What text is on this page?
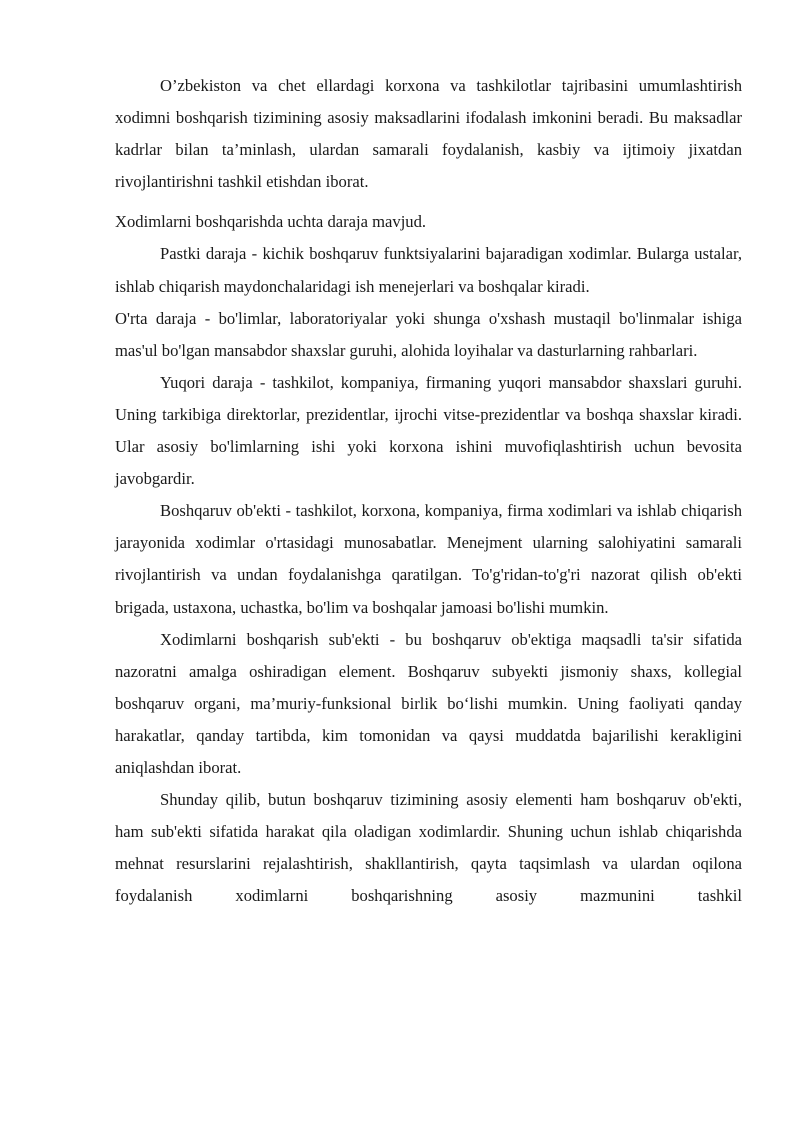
O’zbekiston va chet ellardagi korxona va tashkilotlar tajribasini umumlashtirish xodimni boshqarish tizimining asosiy maksadlarini ifodalash imkonini beradi. Bu maksadlar kadrlar bilan ta’minlash, ulardan samarali foydalanish, kasbiy va ijtimoiy jixatdan rivojlantirishni tashkil etishdan iborat.

Xodimlarni boshqarishda uchta daraja mavjud.

Pastki daraja - kichik boshqaruv funktsiyalarini bajaradigan xodimlar. Bularga ustalar, ishlab chiqarish maydonchalaridagi ish menejerlari va boshqalar kiradi.

O'rta daraja - bo'limlar, laboratoriyalar yoki shunga o'xshash mustaqil bo'linmalar ishiga mas'ul bo'lgan mansabdor shaxslar guruhi, alohida loyihalar va dasturlarning rahbarlari.

Yuqori daraja - tashkilot, kompaniya, firmaning yuqori mansabdor shaxslari guruhi. Uning tarkibiga direktorlar, prezidentlar, ijrochi vitse-prezidentlar va boshqa shaxslar kiradi. Ular asosiy bo'limlarning ishi yoki korxona ishini muvofiqlashtirish uchun bevosita javobgardir.

Boshqaruv ob'ekti - tashkilot, korxona, kompaniya, firma xodimlari va ishlab chiqarish jarayonida xodimlar o'rtasidagi munosabatlar. Menejment ularning salohiyatini samarali rivojlantirish va undan foydalanishga qaratilgan. To'g'ridan-to'g'ri nazorat qilish ob'ekti brigada, ustaxona, uchastka, bo'lim va boshqalar jamoasi bo'lishi mumkin.

Xodimlarni boshqarish sub'ekti - bu boshqaruv ob'ektiga maqsadli ta'sir sifatida nazoratni amalga oshiradigan element. Boshqaruv subyekti jismoniy shaxs, kollegial boshqaruv organi, ma’muriy-funksional birlik bo‘lishi mumkin. Uning faoliyati qanday harakatlar, qanday tartibda, kim tomonidan va qaysi muddatda bajarilishi kerakligini aniqlashdan iborat.

Shunday qilib, butun boshqaruv tizimining asosiy elementi ham boshqaruv ob'ekti, ham sub'ekti sifatida harakat qila oladigan xodimlardir. Shuning uchun ishlab chiqarishda mehnat resurslarini rejalashtirish, shakllantirish, qayta taqsimlash va ulardan oqilona foydalanish xodimlarni boshqarishning asosiy mazmunini tashkil
